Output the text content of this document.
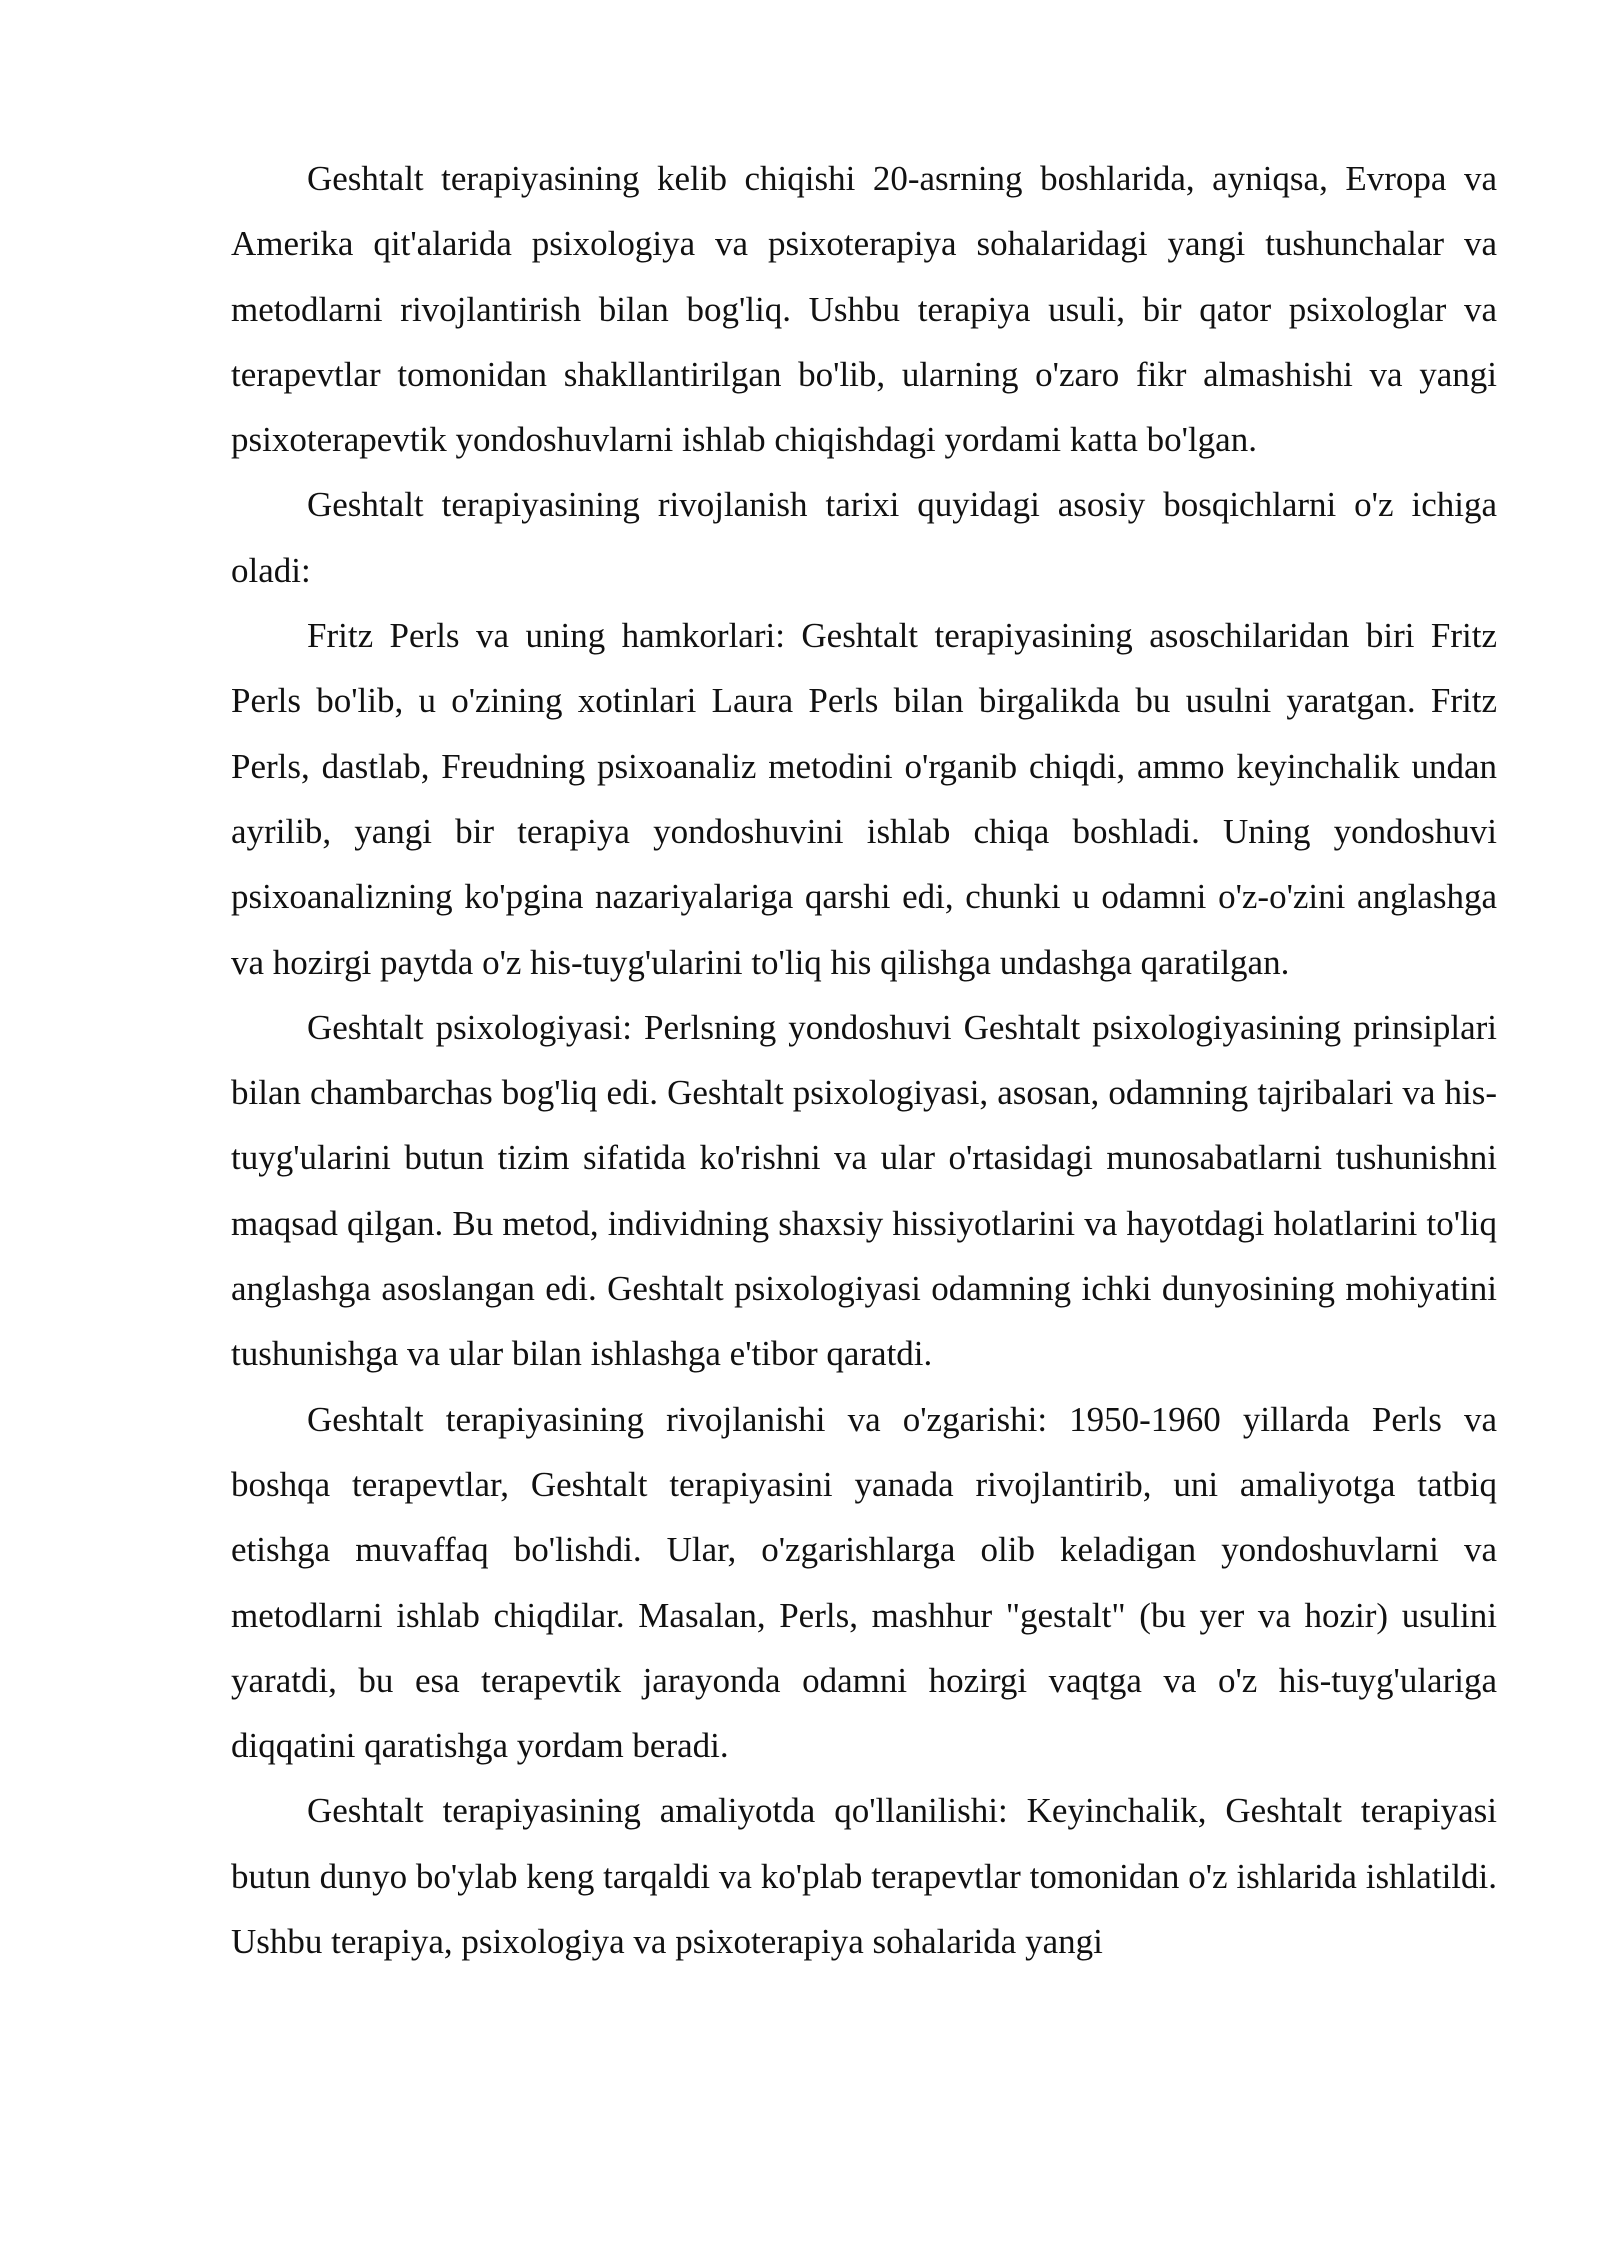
Geshtalt terapiyasining kelib chiqishi 20-asrning boshlarida, ayniqsa, Evropa va Amerika qit'alarida psixologiya va psixoterapiya sohalaridagi yangi tushunchalar va metodlarni rivojlantirish bilan bog'liq. Ushbu terapiya usuli, bir qator psixologlar va terapevtlar tomonidan shakllantirilgan bo'lib, ularning o'zaro fikr almashishi va yangi psixoterapevtik yondoshuvlarni ishlab chiqishdagi yordami katta bo'lgan.

Geshtalt terapiyasining rivojlanish tarixi quyidagi asosiy bosqichlarni o'z ichiga oladi:

Fritz Perls va uning hamkorlari: Geshtalt terapiyasining asoschilaridan biri Fritz Perls bo'lib, u o'zining xotinlari Laura Perls bilan birgalikda bu usulni yaratgan. Fritz Perls, dastlab, Freudning psixoanaliz metodini o'rganib chiqdi, ammo keyinchalik undan ayrilib, yangi bir terapiya yondoshuvini ishlab chiqa boshladi. Uning yondoshuvi psixoanalizning ko'pgina nazariyalariga qarshi edi, chunki u odamni o'z-o'zini anglashga va hozirgi paytda o'z his-tuyg'ularini to'liq his qilishga undashga qaratilgan.

Geshtalt psixologiyasi: Perlsning yondoshuvi Geshtalt psixologiyasining prinsiplari bilan chambarchas bog'liq edi. Geshtalt psixologiyasi, asosan, odamning tajribalari va his-tuyg'ularini butun tizim sifatida ko'rishni va ular o'rtasidagi munosabatlarni tushunishni maqsad qilgan. Bu metod, individning shaxsiy hissiyotlarini va hayotdagi holatlarini to'liq anglashga asoslangan edi. Geshtalt psixologiyasi odamning ichki dunyosining mohiyatini tushunishga va ular bilan ishlashga e'tibor qaratdi.

Geshtalt terapiyasining rivojlanishi va o'zgarishi: 1950-1960 yillarda Perls va boshqa terapevtlar, Geshtalt terapiyasini yanada rivojlantirib, uni amaliyotga tatbiq etishga muvaffaq bo'lishdi. Ular, o'zgarishlarga olib keladigan yondoshuvlarni va metodlarni ishlab chiqdilar. Masalan, Perls, mashhur "gestalt" (bu yer va hozir) usulini yaratdi, bu esa terapevtik jarayonda odamni hozirgi vaqtga va o'z his-tuyg'ulariga diqqatini qaratishga yordam beradi.

Geshtalt terapiyasining amaliyotda qo'llanilishi: Keyinchalik, Geshtalt terapiyasi butun dunyo bo'ylab keng tarqaldi va ko'plab terapevtlar tomonidan o'z ishlarida ishlatildi. Ushbu terapiya, psixologiya va psixoterapiya sohalarida yangi
